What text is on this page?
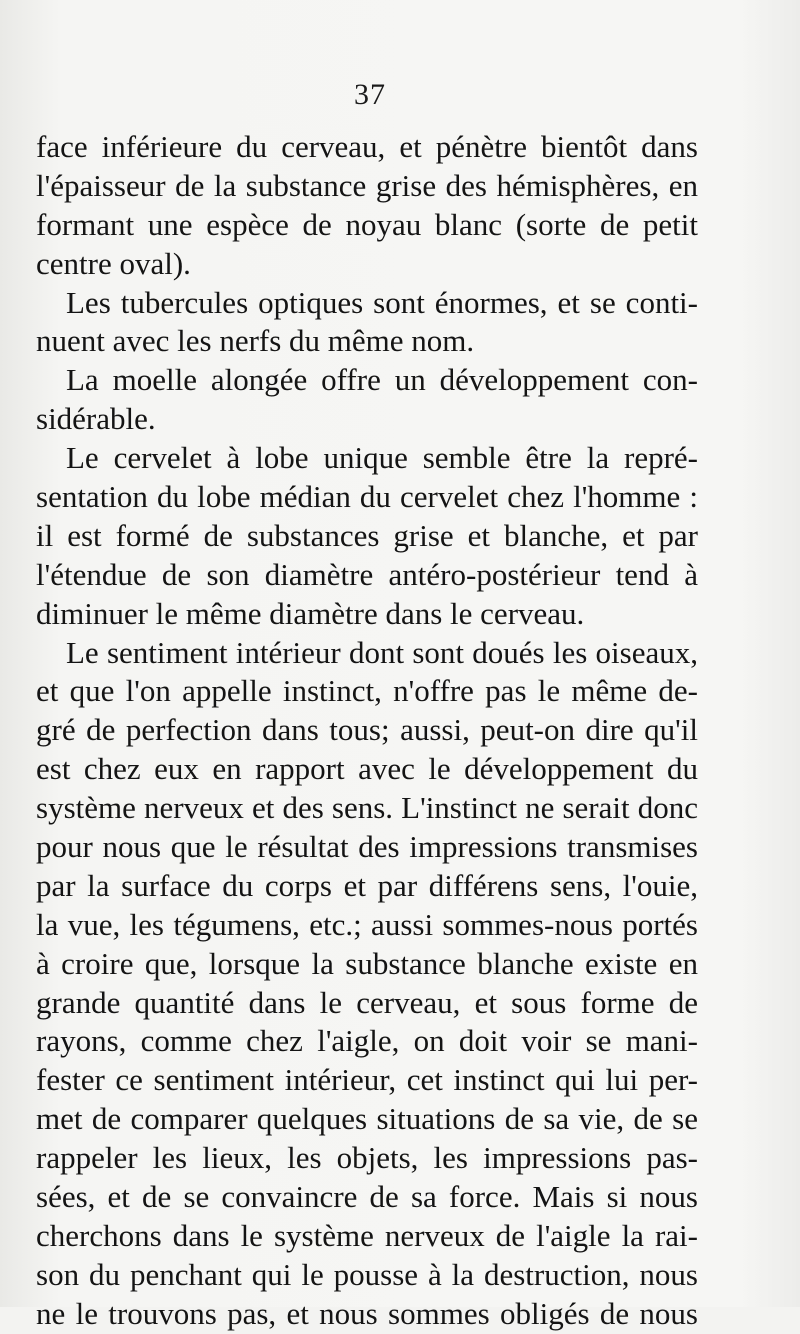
37
face inférieure du cerveau, et pénètre bientôt dans
l'épaisseur de la substance grise des hémisphères, en
formant une espèce de noyau blanc (sorte de petit
centre oval).
Les tubercules optiques sont énormes, et se conti-
nuent avec les nerfs du même nom.
La moelle alongée offre un développement con-
sidérable.
Le cervelet à lobe unique semble être la repré-
sentation du lobe médian du cervelet chez l'homme :
il est formé de substances grise et blanche, et par
l'étendue de son diamètre antéro-postérieur tend à
diminuer le même diamètre dans le cerveau.
Le sentiment intérieur dont sont doués les oiseaux,
et que l'on appelle instinct, n'offre pas le même de-
gré de perfection dans tous; aussi, peut-on dire qu'il
est chez eux en rapport avec le développement du
système nerveux et des sens. L'instinct ne serait donc
pour nous que le résultat des impressions transmises
par la surface du corps et par différens sens, l'ouie,
la vue, les tégumens, etc.; aussi sommes-nous portés
à croire que, lorsque la substance blanche existe en
grande quantité dans le cerveau, et sous forme de
rayons, comme chez l'aigle, on doit voir se mani-
fester ce sentiment intérieur, cet instinct qui lui per-
met de comparer quelques situations de sa vie, de se
rappeler les lieux, les objets, les impressions pas-
sées, et de se convaincre de sa force. Mais si nous
cherchons dans le système nerveux de l'aigle la rai-
son du penchant qui le pousse à la destruction, nous
ne le trouvons pas, et nous sommes obligés de nous
